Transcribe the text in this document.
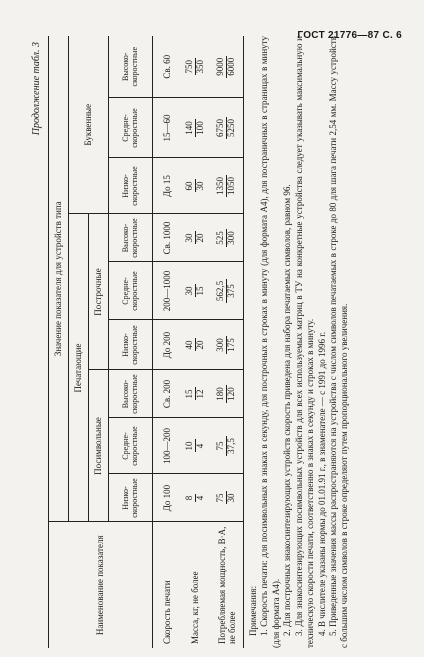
ГОСТ 21776—87 С. 6
Продолжение табл. 3
Наименование показателя	Значение показателя для устройств типа								
	Печатающие						Буквенные		
	Посимвольные			Построчные					
	Низко-скоростные	Средне-скоростные	Высоко-скоростные	Низко-скоростные	Средне-скоростные	Высоко-скоростные	Низко-скоростные	Средне-скоростные	Высоко-скоростные
Скорость печати	До 100	100—200	Св. 200	До 200	200—1000	Св. 1000	До 15	15—60	Св. 60
Масса, кг, не более	8 4	10 4	15 12	40 20	30 15	30 20	60 30	140 100	750 350

Потребляемая мощность, В·А, не более	75 30	75 37,5	180 120	300 175	562,5 375	525 300	1350 1050	6750 5250	9000 6000

Примечания: 1. Скорость печати: для посимвольных в знаках в секунду, для построчных в строках в минуту (для формата А4), для постраничных в страницах в минуту (для формата А4). 2. Для построчных знакосинтезирующих устройств скорость приведена для набора печатаемых символов, равном 96. 3. Для знакосинтезирующих посимвольных устройств для всех используемых матриц в ТУ на конкретные устройства следует указывать максимальную и техническую скорости печати, соответственно в знаках в секунду и строках в минуту. 4. В числителе указаны нормы до 01.01.91 г., в знаменателе — с 1991 до 1996 г. 5. Приведенные значения массы распространяются на устройства с числом символов печатаемых в строке до 80 для шага печати 2,54 мм. Массу устройств с большим числом символов в строке определяют путем пропорционального увеличения.
